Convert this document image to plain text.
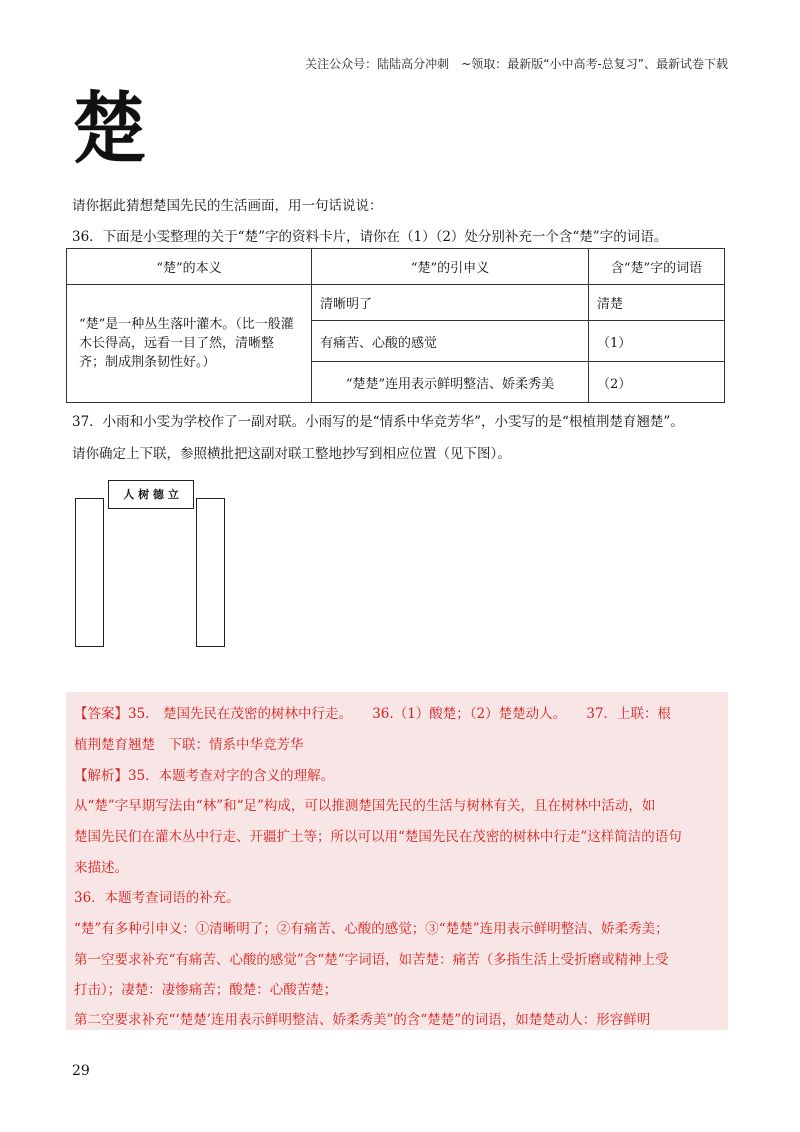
关注公众号：陆陆高分冲刺　~领取：最新版“小中高考-总复习”、最新试卷下载
楚
请你据此猜想楚国先民的生活画面，用一句话说说：
36．下面是小雯整理的关于“楚”字的资料卡片，请你在（1）（2）处分别补充一个含“楚”字的词语。
“楚”的本义	“楚”的引申义	含“楚”字的词语
“楚”是一种丛生落叶灌木。（比一般灌木长得高，远看一目了然，清晰整齐；制成荆条韧性好。）	清晰明了	清楚
	有痛苦、心酸的感觉	（1）
	“楚楚”连用表示鲜明整洁、娇柔秀美	（2）
37．小雨和小雯为学校作了一副对联。小雨写的是“情系中华竞芳华”，小雯写的是“根植荆楚育翘楚”。
请你确定上下联，参照横批把这副对联工整地抄写到相应位置（见下图）。
人 树 德 立
【答案】35.　楚国先民在茂密的树林中行走。　　36.（1）酸楚；（2）楚楚动人。　　37．上联：根
植荆楚育翘楚　下联：情系中华竞芳华
【解析】35．本题考查对字的含义的理解。
从“楚”字早期写法由“林”和“足”构成，可以推测楚国先民的生活与树林有关，且在树林中活动，如
楚国先民们在灌木丛中行走、开疆扩土等；所以可以用“楚国先民在茂密的树林中行走”这样简洁的语句
来描述。
36．本题考查词语的补充。
“楚”有多种引申义：①清晰明了；②有痛苦、心酸的感觉；③“楚楚”连用表示鲜明整洁、娇柔秀美；
第一空要求补充“有痛苦、心酸的感觉”含“楚”字词语，如苦楚：痛苦（多指生活上受折磨或精神上受
打击）；凄楚：凄惨痛苦；酸楚：心酸苦楚；
第二空要求补充“‘楚楚’连用表示鲜明整洁、娇柔秀美”的含“楚楚”的词语，如楚楚动人：形容鲜明
29
